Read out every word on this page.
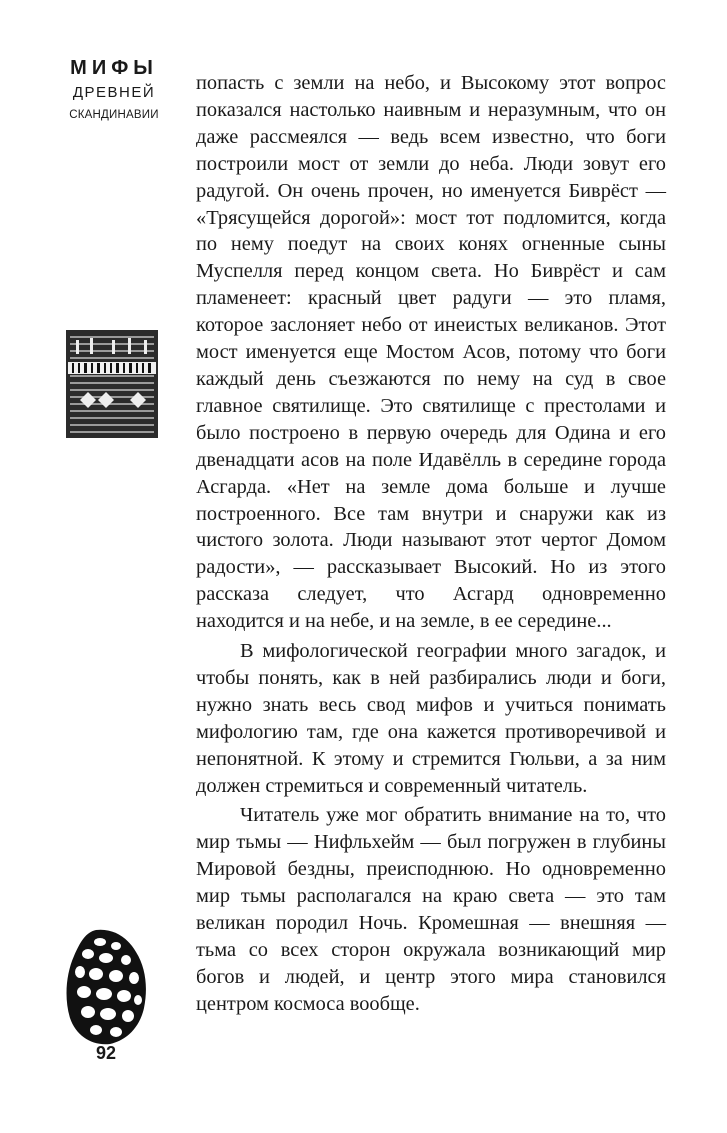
МИФЫ
ДРЕВНЕЙ
СКАНДИНАВИИ
92

попасть с земли на небо, и Высокому этот вопрос показался настолько наивным и неразумным, что он даже рассмеялся — ведь всем известно, что боги построили мост от земли до неба. Люди зовут его радугой. Он очень прочен, но именуется Биврёст — «Трясущейся дорогой»: мост тот подломится, когда по нему поедут на своих конях огненные сыны Муспелля перед концом света. Но Биврёст и сам пламенеет: красный цвет радуги — это пламя, которое заслоняет небо от инеистых великанов. Этот мост именуется еще Мостом Асов, потому что боги каждый день съезжаются по нему на суд в свое главное святилище. Это святилище с престолами и было построено в первую очередь для Одина и его двенадцати асов на поле Идавёлль в середине города Асгарда. «Нет на земле дома больше и лучше построенного. Все там внутри и снаружи как из чистого золота. Люди называют этот чертог Домом радости», — рассказывает Высокий. Но из этого рассказа следует, что Асгард одновременно находится и на небе, и на земле, в ее середине...

В мифологической географии много загадок, и чтобы понять, как в ней разбирались люди и боги, нужно знать весь свод мифов и учиться понимать мифологию там, где она кажется противоречивой и непонятной. К этому и стремится Гюльви, а за ним должен стремиться и современный читатель.

Читатель уже мог обратить внимание на то, что мир тьмы — Нифльхейм — был погружен в глубины Мировой бездны, преисподнюю. Но одновременно мир тьмы располагался на краю света — это там великан породил Ночь. Кромешная — внешняя — тьма со всех сторон окружала возникающий мир богов и людей, и центр этого мира становился центром космоса вообще.
